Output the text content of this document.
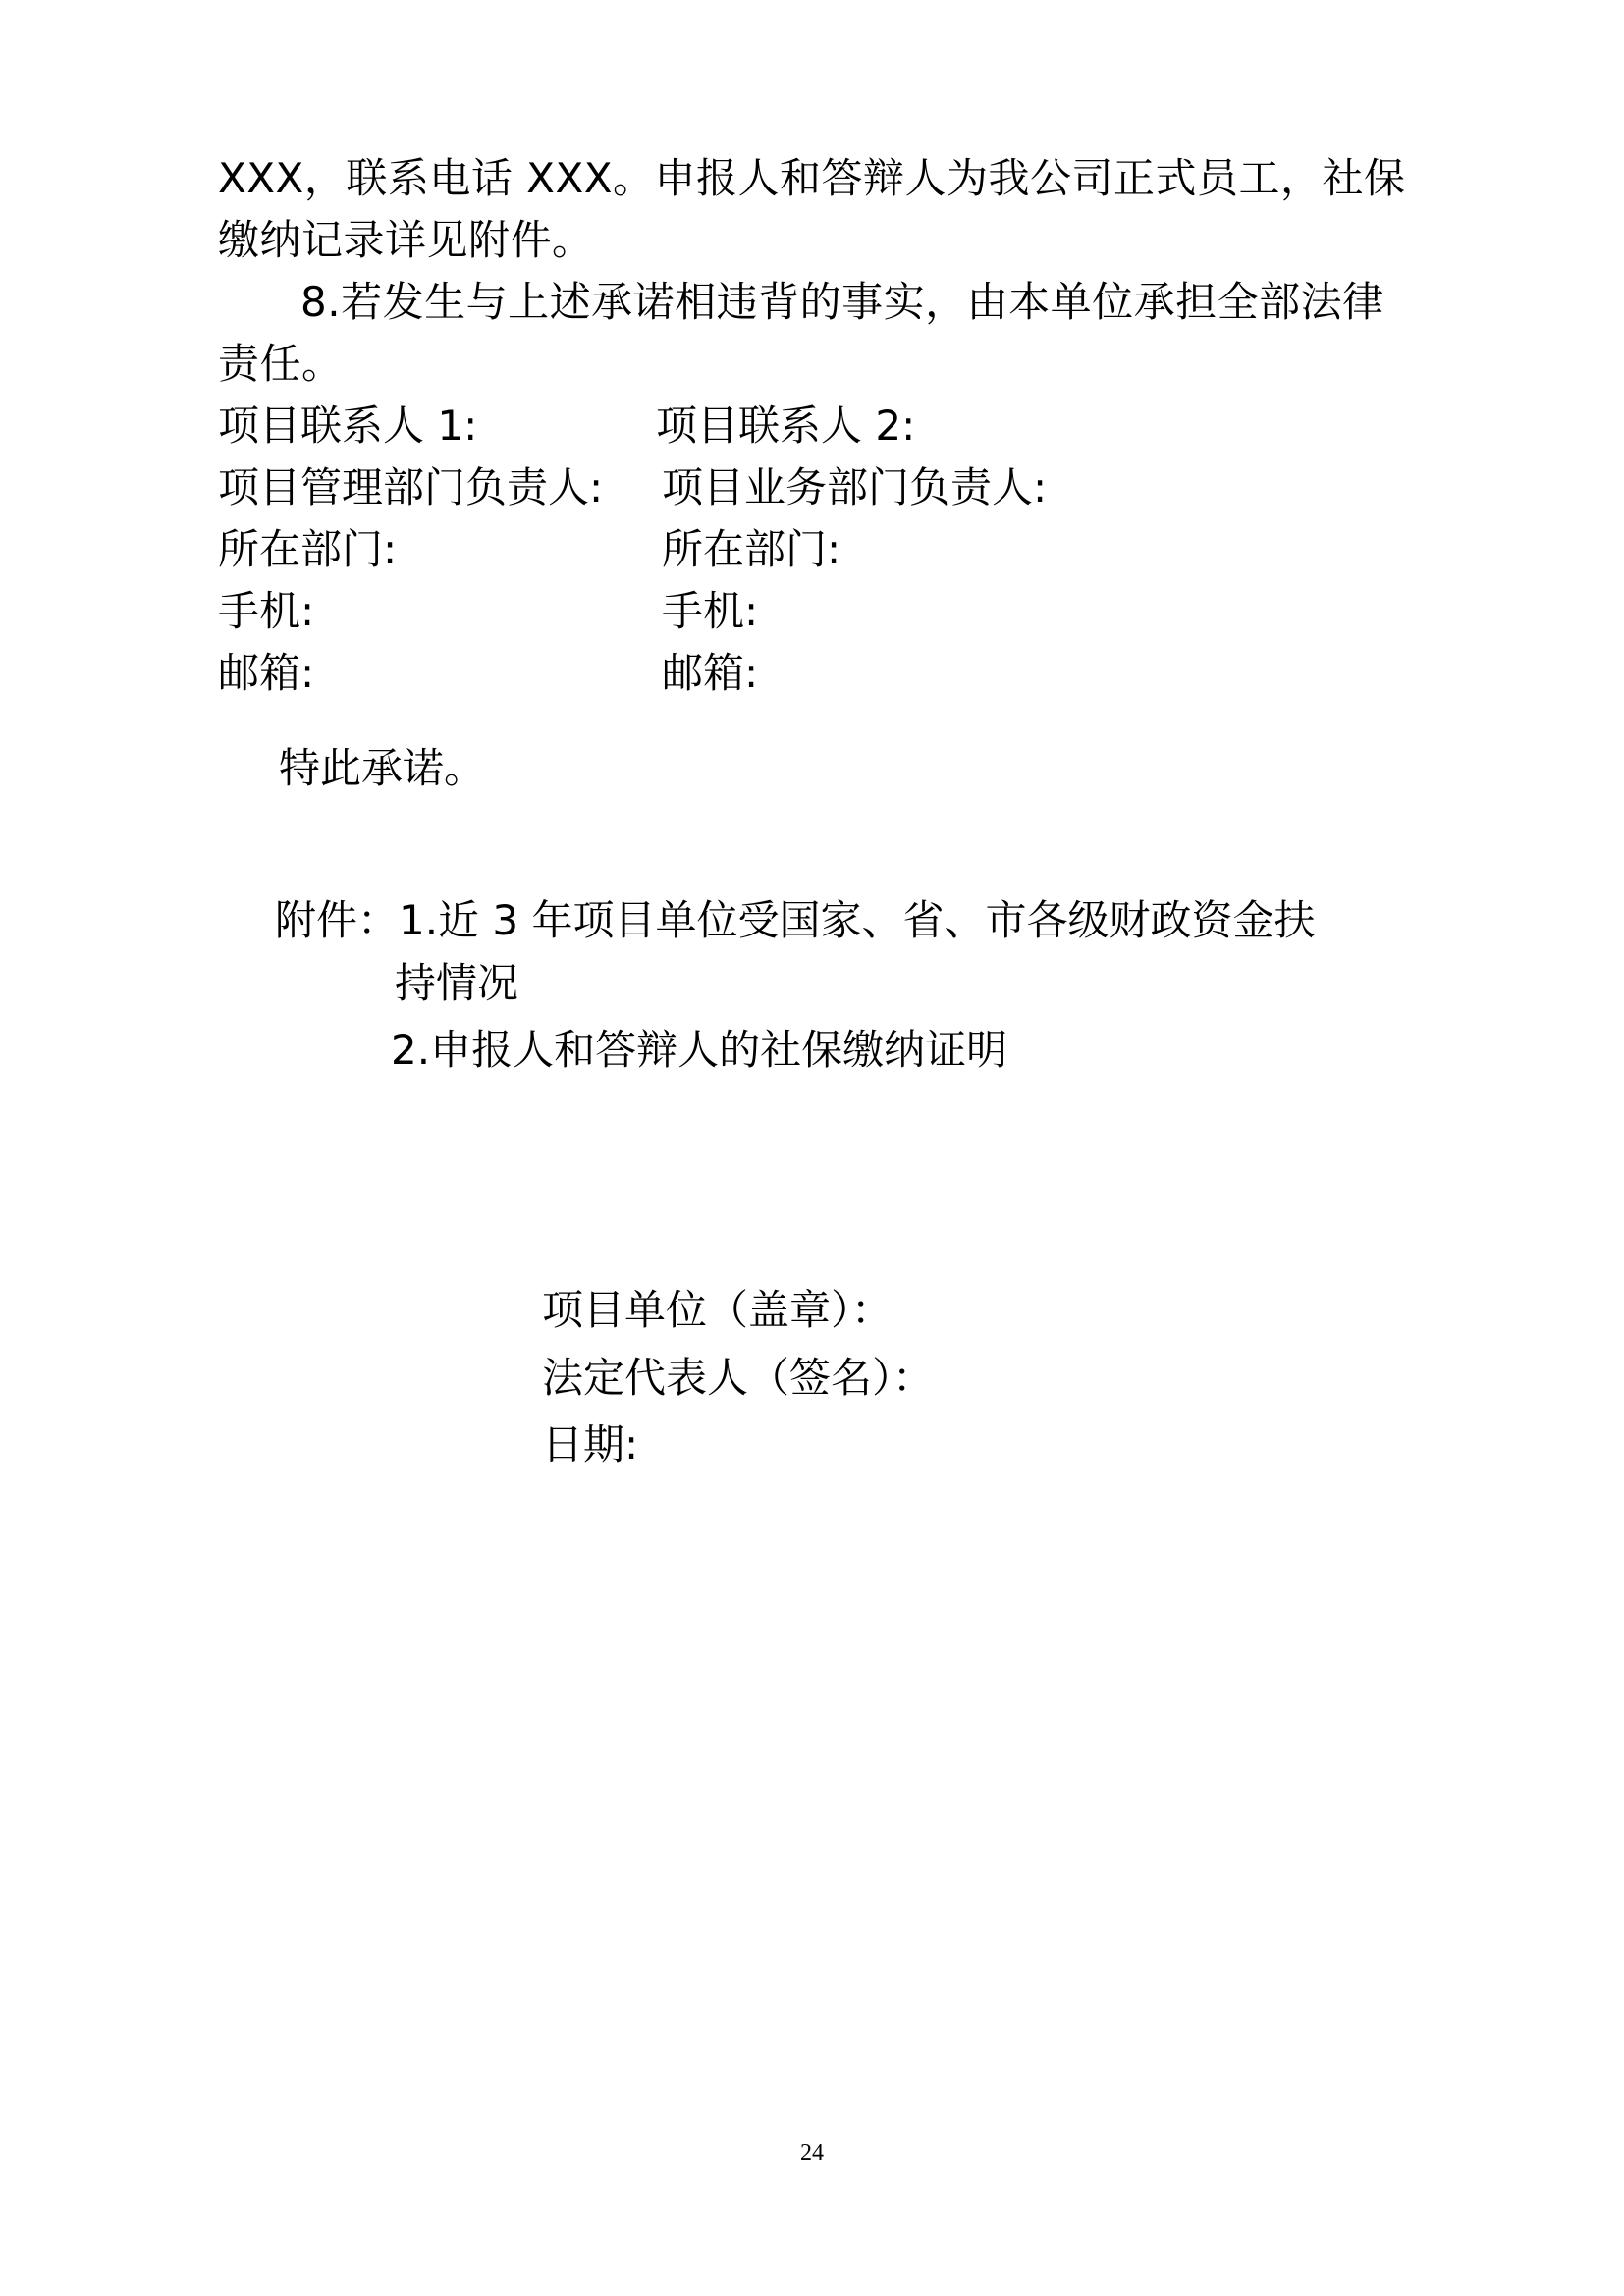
XXX，联系电话 XXX。申报人和答辩人为我公司正式员工，社保缴纳记录详见附件。

8.若发生与上述承诺相违背的事实，由本单位承担全部法律责任。

项目联系人 1:	项目联系人 2:
项目管理部门负责人:	项目业务部门负责人:
所在部门:	所在部门:
手机:	手机:
邮箱:	邮箱:
特此承诺。
附件：1.近 3 年项目单位受国家、省、市各级财政资金扶
持情况
2.申报人和答辩人的社保缴纳证明
项目单位（盖章）：
法定代表人（签名）：
日期:
24
